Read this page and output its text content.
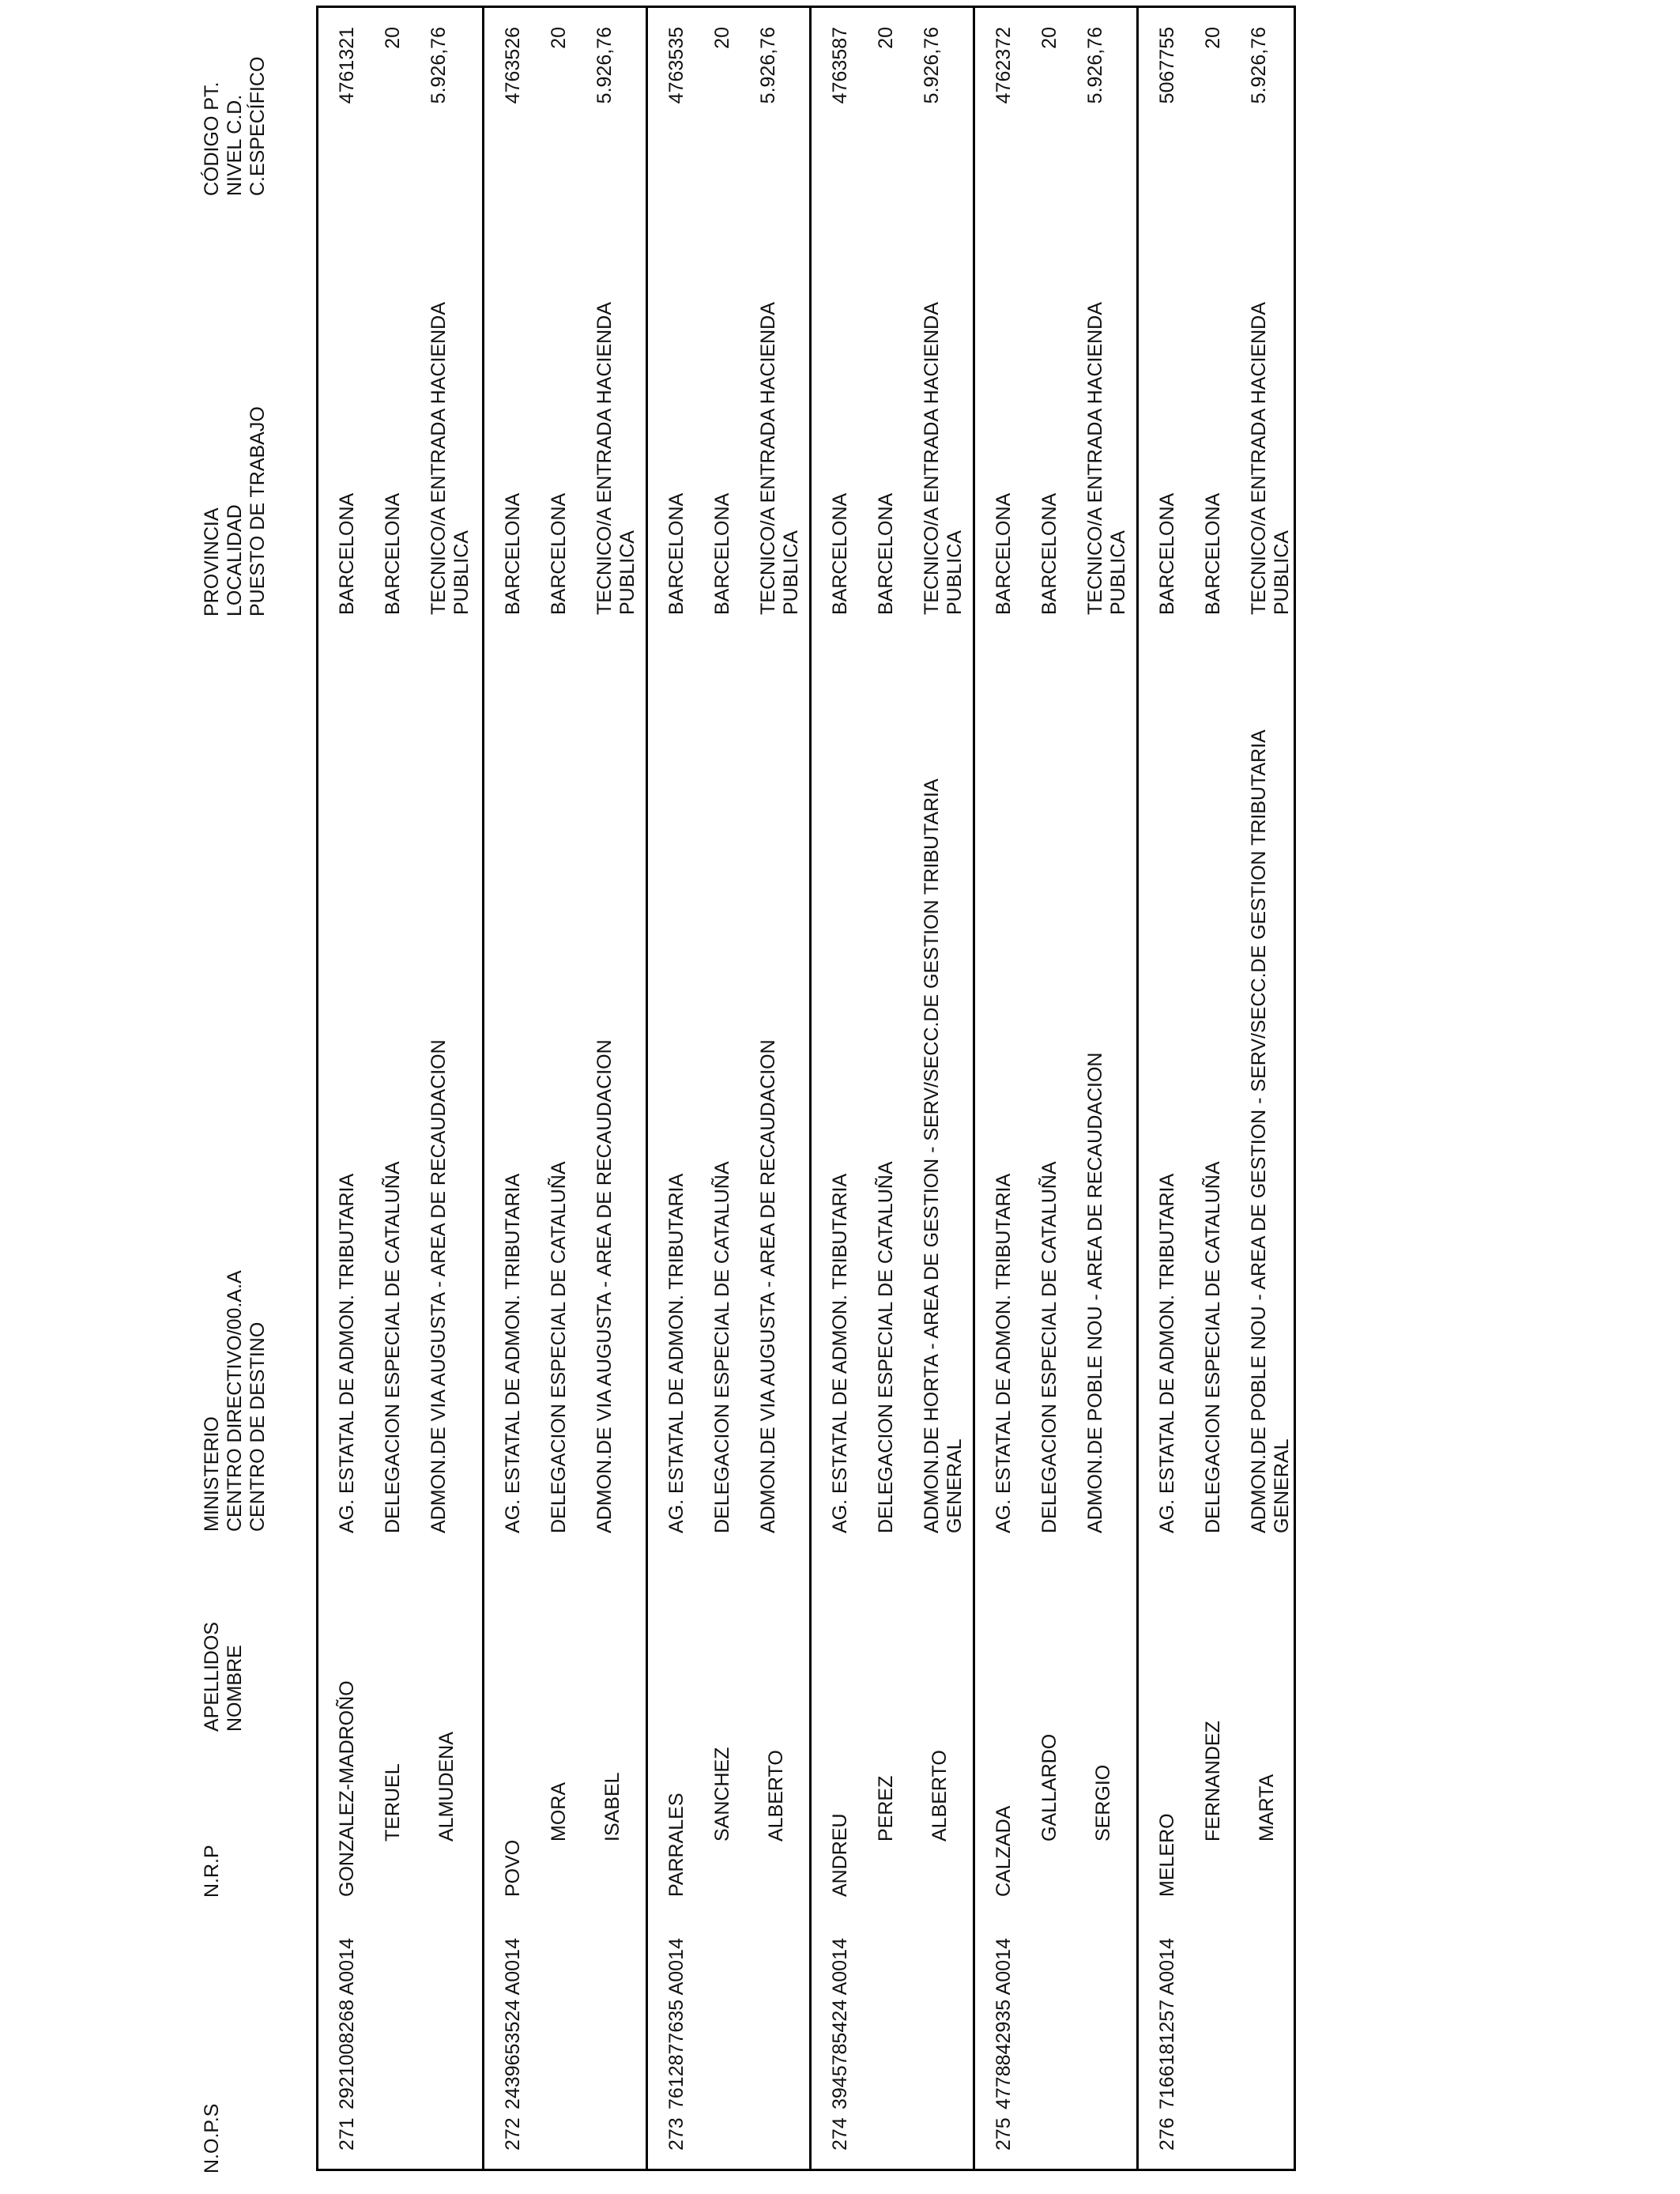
N.O.P.S
N.R.P
APELLIDOS
NOMBRE
MINISTERIO
CENTRO DIRECTIVO/00.A.A
CENTRO DE DESTINO
PROVINCIA
LOCALIDAD
PUESTO DE TRABAJO
CÓDIGO PT.
NIVEL C.D.
C.ESPECÍFICO
271
2921008268 A0014
GONZALEZ-MADROÑO TERUEL ALMUDENA
AG. ESTATAL DE ADMON. TRIBUTARIA DELEGACION ESPECIAL DE CATALUÑA ADMON.DE VIA AUGUSTA - AREA DE RECAUDACION
BARCELONA BARCELONA TECNICO/A ENTRADA HACIENDA PUBLICA
4761321 20 5.926,76
272
2439653524 A0014
POVO
MORA ISABEL
AG. ESTATAL DE ADMON. TRIBUTARIA DELEGACION ESPECIAL DE CATALUÑA ADMON.DE VIA AUGUSTA - AREA DE RECAUDACION
BARCELONA BARCELONA TECNICO/A ENTRADA HACIENDA PUBLICA
4763526 20 5.926,76
273
7612877635 A0014
PARRALES SANCHEZ ALBERTO
AG. ESTATAL DE ADMON. TRIBUTARIA DELEGACION ESPECIAL DE CATALUÑA ADMON.DE VIA AUGUSTA - AREA DE RECAUDACION
BARCELONA BARCELONA TECNICO/A ENTRADA HACIENDA PUBLICA
4763535 20 5.926,76
274
3945785424 A0014
ANDREU
PEREZ ALBERTO
AG. ESTATAL DE ADMON. TRIBUTARIA DELEGACION ESPECIAL DE CATALUÑA ADMON.DE HORTA - AREA DE GESTION - SERV/SECC.DE GESTION TRIBUTARIA GENERAL
BARCELONA BARCELONA TECNICO/A ENTRADA HACIENDA PUBLICA
4763587 20 5.926,76
275
4778842935 A0014
CALZADA
GALLARDO SERGIO
AG. ESTATAL DE ADMON. TRIBUTARIA DELEGACION ESPECIAL DE CATALUÑA ADMON.DE POBLE NOU - AREA DE RECAUDACION
BARCELONA BARCELONA TECNICO/A ENTRADA HACIENDA PUBLICA
4762372 20 5.926,76
276
7166181257 A0014
MELERO
FERNANDEZ MARTA
AG. ESTATAL DE ADMON. TRIBUTARIA DELEGACION ESPECIAL DE CATALUÑA ADMON.DE POBLE NOU - AREA DE GESTION - SERV/SECC.DE GESTION TRIBUTARIA GENERAL
BARCELONA BARCELONA TECNICO/A ENTRADA HACIENDA PUBLICA
5067755 20 5.926,76
